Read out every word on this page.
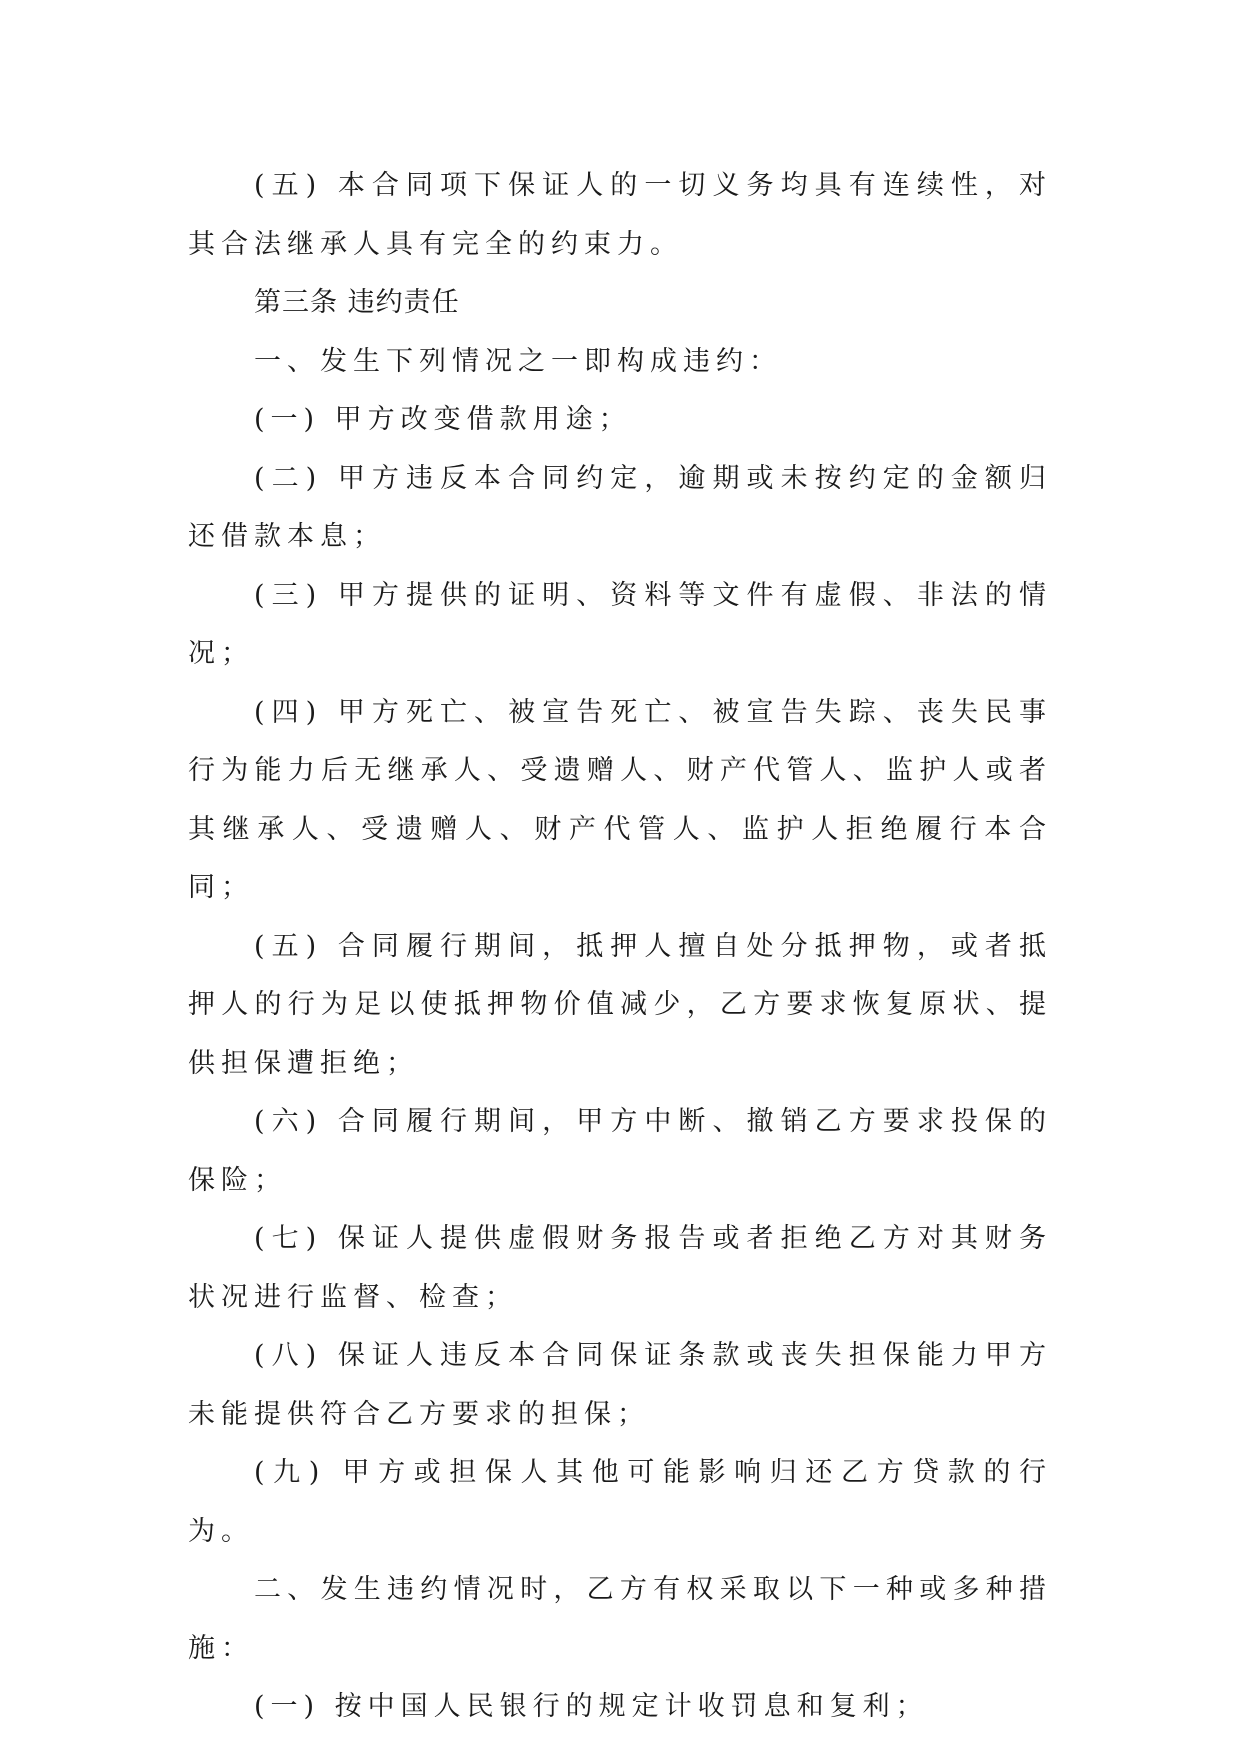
(五) 本合同项下保证人的一切义务均具有连续性，对其合法继承人具有完全的约束力。

第三条 违约责任

一、发生下列情况之一即构成违约：

(一) 甲方改变借款用途；

(二) 甲方违反本合同约定，逾期或未按约定的金额归还借款本息；

(三) 甲方提供的证明、资料等文件有虚假、非法的情况；

(四) 甲方死亡、被宣告死亡、被宣告失踪、丧失民事行为能力后无继承人、受遗赠人、财产代管人、监护人或者其继承人、受遗赠人、财产代管人、监护人拒绝履行本合同；

(五) 合同履行期间，抵押人擅自处分抵押物，或者抵押人的行为足以使抵押物价值减少，乙方要求恢复原状、提供担保遭拒绝；

(六) 合同履行期间，甲方中断、撤销乙方要求投保的保险；

(七) 保证人提供虚假财务报告或者拒绝乙方对其财务状况进行监督、检查；

(八) 保证人违反本合同保证条款或丧失担保能力甲方未能提供符合乙方要求的担保；

(九) 甲方或担保人其他可能影响归还乙方贷款的行为。

二、发生违约情况时，乙方有权采取以下一种或多种措施：

(一) 按中国人民银行的规定计收罚息和复利；
